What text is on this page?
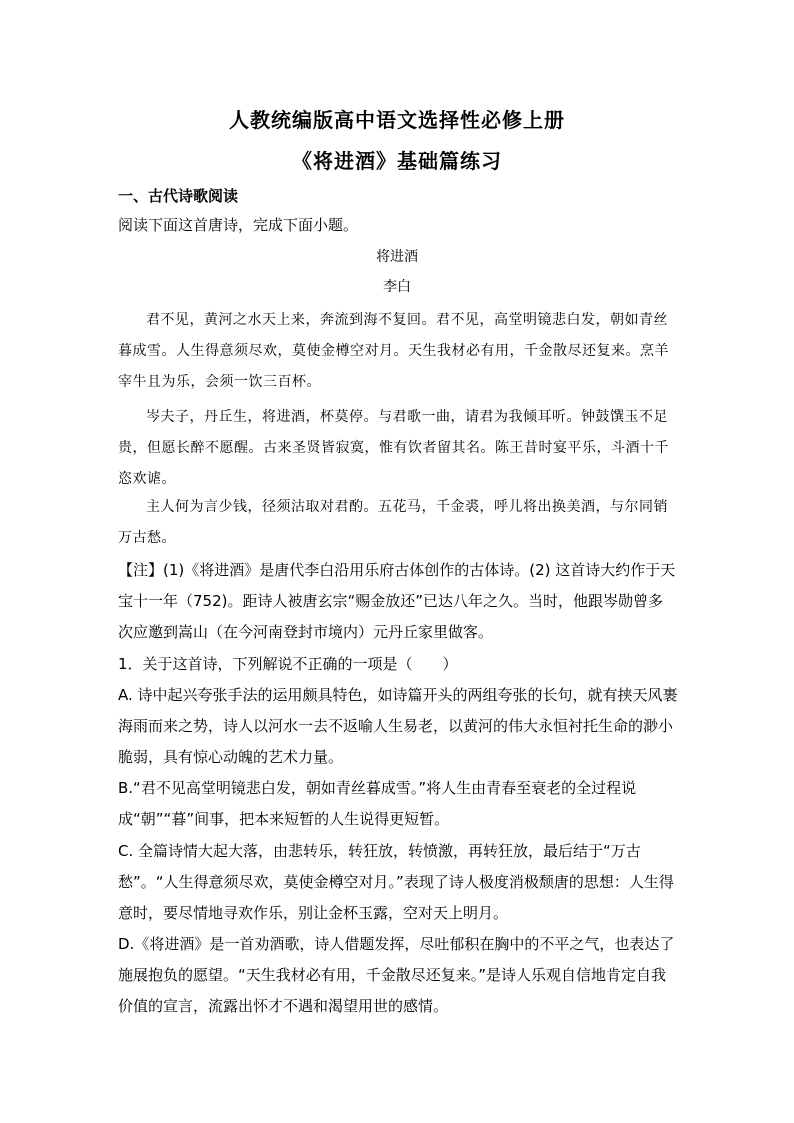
人教统编版高中语文选择性必修上册
《将进酒》基础篇练习
一、古代诗歌阅读
阅读下面这首唐诗，完成下面小题。
将进酒
李白
君不见，黄河之水天上来，奔流到海不复回。君不见，高堂明镜悲白发，朝如青丝暮成雪。人生得意须尽欢，莫使金樽空对月。天生我材必有用，千金散尽还复来。烹羊宰牛且为乐，会须一饮三百杯。
岑夫子，丹丘生，将进酒，杯莫停。与君歌一曲，请君为我倾耳听。钟鼓馔玉不足贵，但愿长醉不愿醒。古来圣贤皆寂寞，惟有饮者留其名。陈王昔时宴平乐，斗酒十千恣欢谑。
主人何为言少钱，径须沽取对君酌。五花马，千金裘，呼儿将出换美酒，与尔同销万古愁。
【注】(1)《将进酒》是唐代李白沿用乐府古体创作的古体诗。(2) 这首诗大约作于天宝十一年（752)。距诗人被唐玄宗“赐金放还”已达八年之久。当时，他跟岑勋曾多次应邀到嵩山（在今河南登封市境内）元丹丘家里做客。
1．关于这首诗，下列解说不正确的一项是（　　）
A. 诗中起兴夸张手法的运用颇具特色，如诗篇开头的两组夸张的长句，就有挟天风裹海雨而来之势，诗人以河水一去不返喻人生易老，以黄河的伟大永恒衬托生命的渺小脆弱，具有惊心动魄的艺术力量。
B.“君不见高堂明镜悲白发，朝如青丝暮成雪。”将人生由青春至衰老的全过程说成“朝”“暮”间事，把本来短暂的人生说得更短暂。
C. 全篇诗情大起大落，由悲转乐，转狂放，转愤激，再转狂放，最后结于“万古愁”。“人生得意须尽欢，莫使金樽空对月。”表现了诗人极度消极颓唐的思想：人生得意时，要尽情地寻欢作乐，别让金杯玉露，空对天上明月。
D.《将进酒》是一首劝酒歌，诗人借题发挥，尽吐郁积在胸中的不平之气，也表达了施展抱负的愿望。“天生我材必有用，千金散尽还复来。”是诗人乐观自信地肯定自我价值的宣言，流露出怀才不遇和渴望用世的感情。
